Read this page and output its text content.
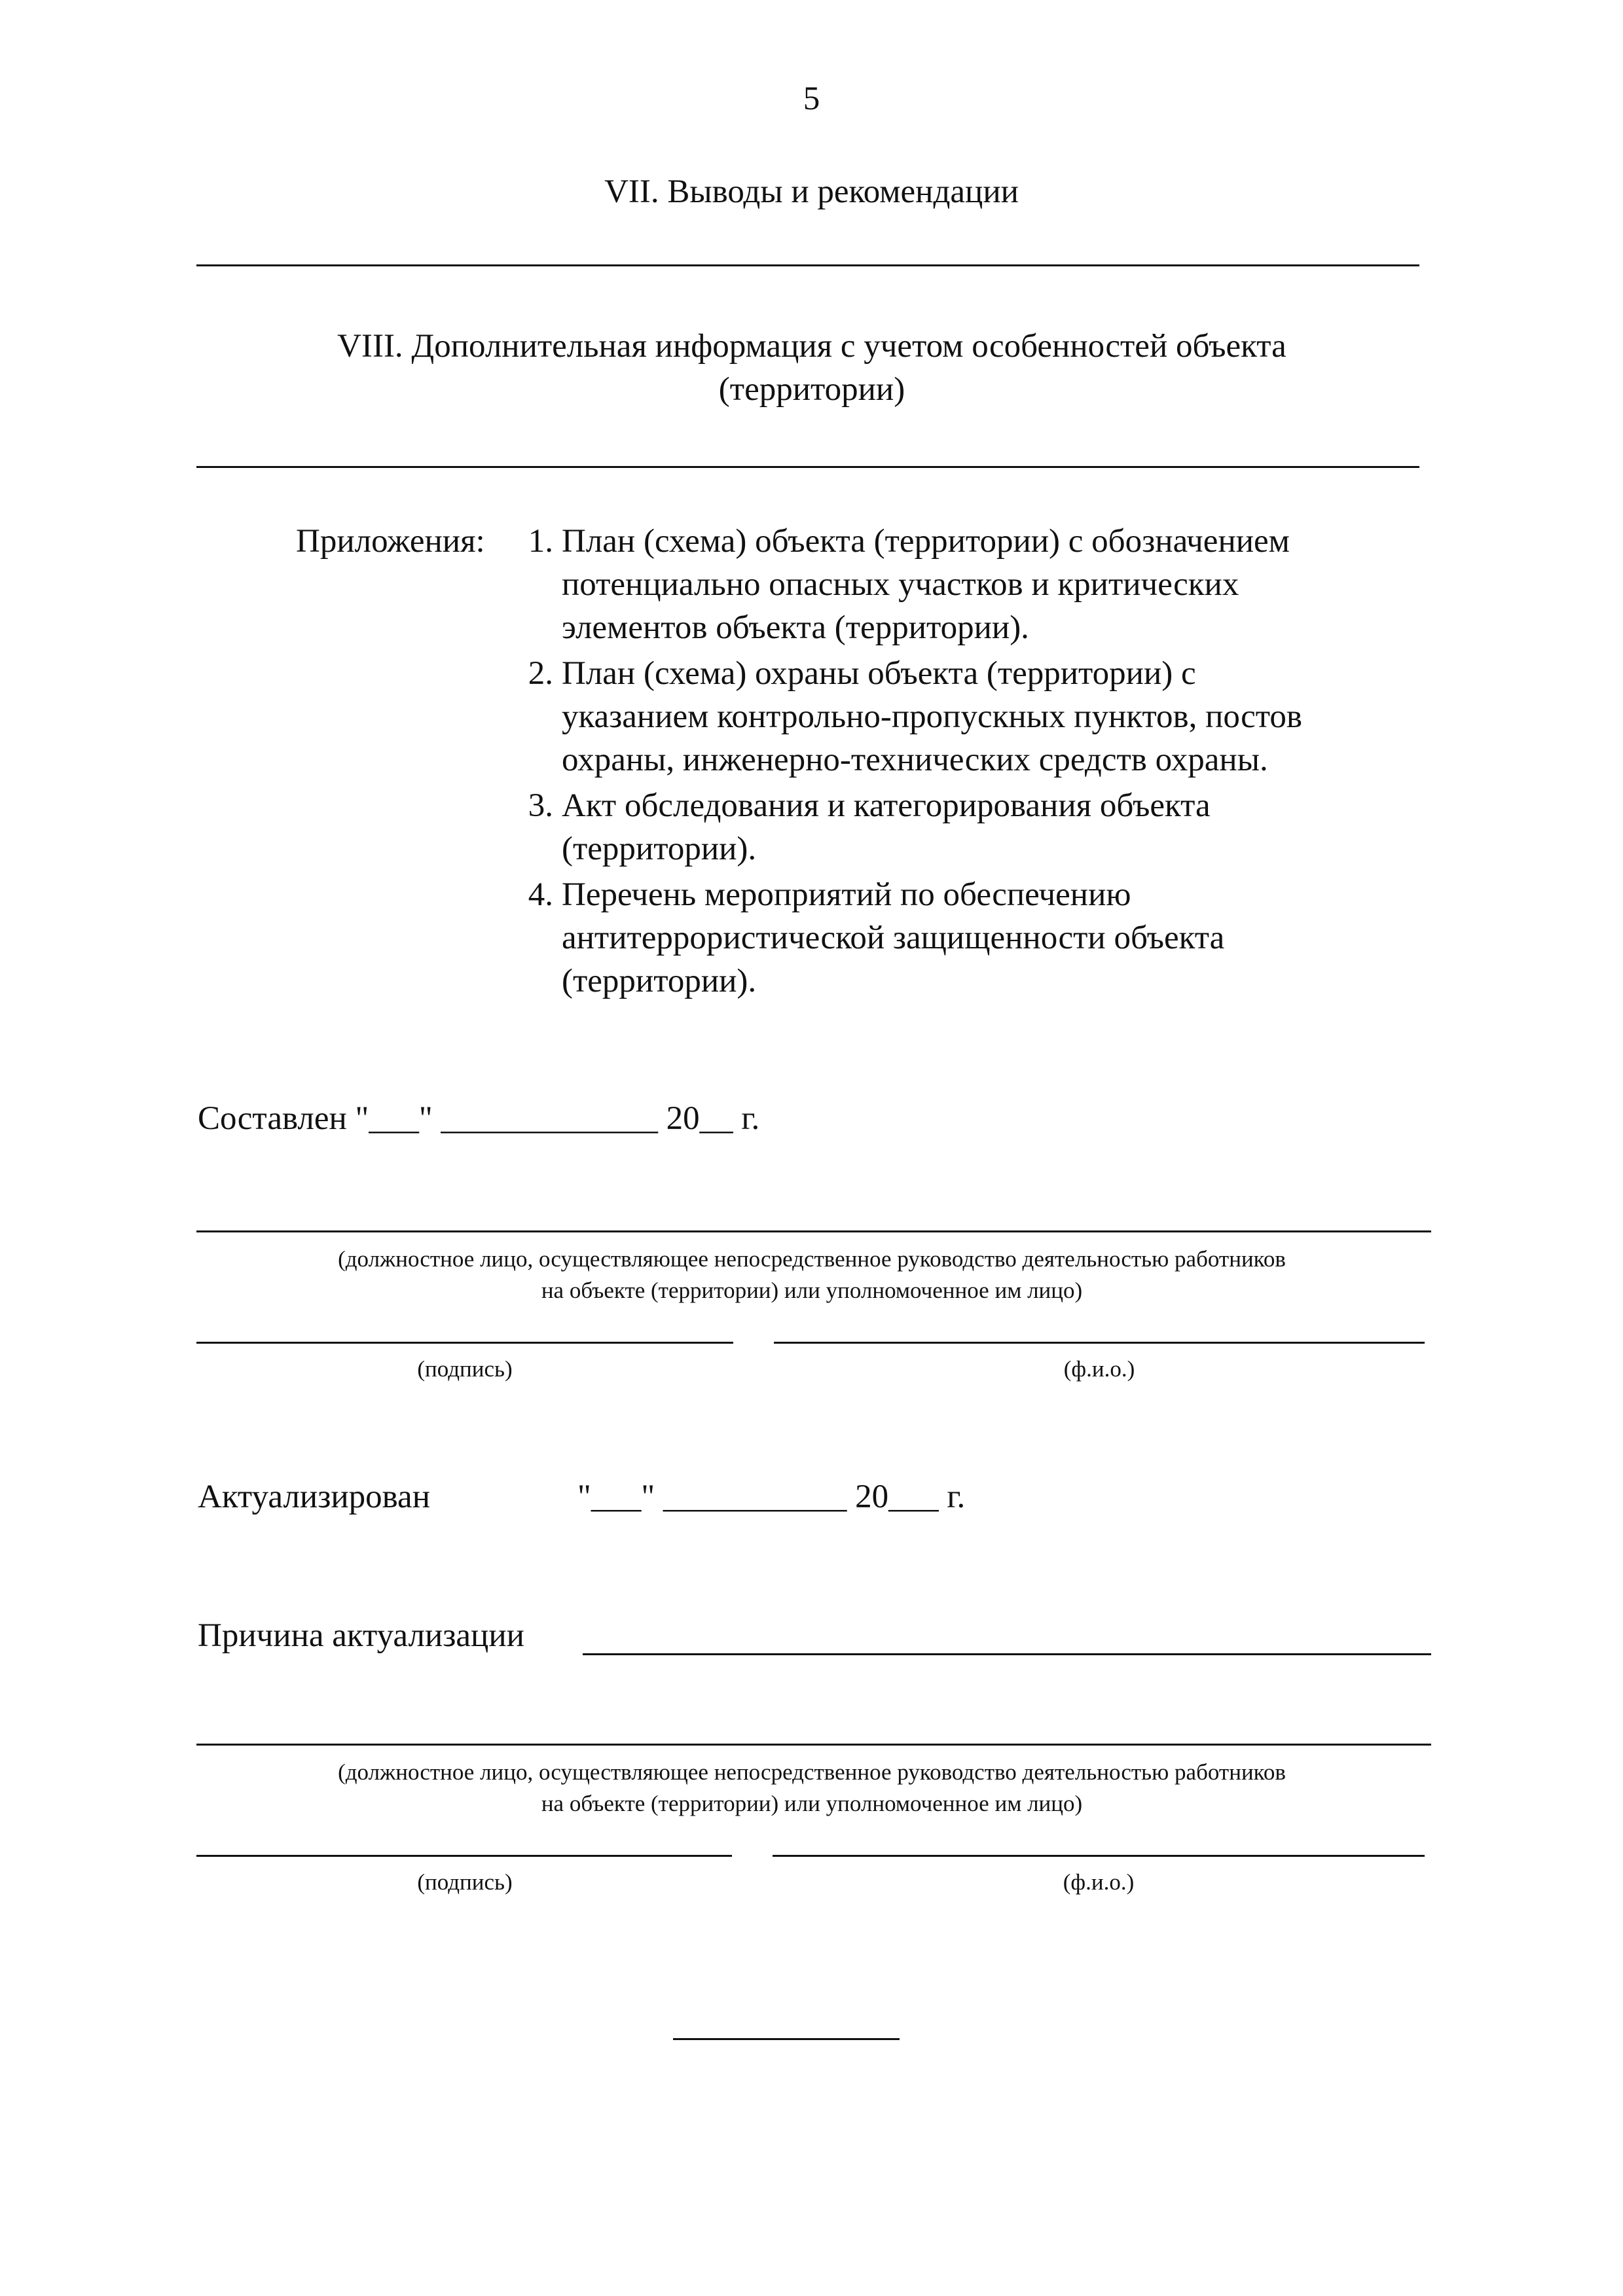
5
VII. Выводы и рекомендации
VIII. Дополнительная информация с учетом особенностей объекта
(территории)
Приложения:	1. План (схема) объекта (территории) с обозначением
потенциально опасных участков и критических
элементов объекта (территории).
2. План (схема) охраны объекта (территории) с
указанием контрольно-пропускных пунктов, постов
охраны, инженерно-технических средств охраны.
3. Акт обследования и категорирования объекта
(территории).
4. Перечень мероприятий по обеспечению
антитеррористической защищенности объекта
(территории).
Составлен "___" _____________ 20__ г.
(должностное лицо, осуществляющее непосредственное руководство деятельностью работников
на объекте (территории) или уполномоченное им лицо)
(подпись)	(ф.и.о.)
Актуализирован	"___" ___________ 20___ г.
Причина актуализации
(должностное лицо, осуществляющее непосредственное руководство деятельностью работников
на объекте (территории) или уполномоченное им лицо)
(подпись)	(ф.и.о.)
